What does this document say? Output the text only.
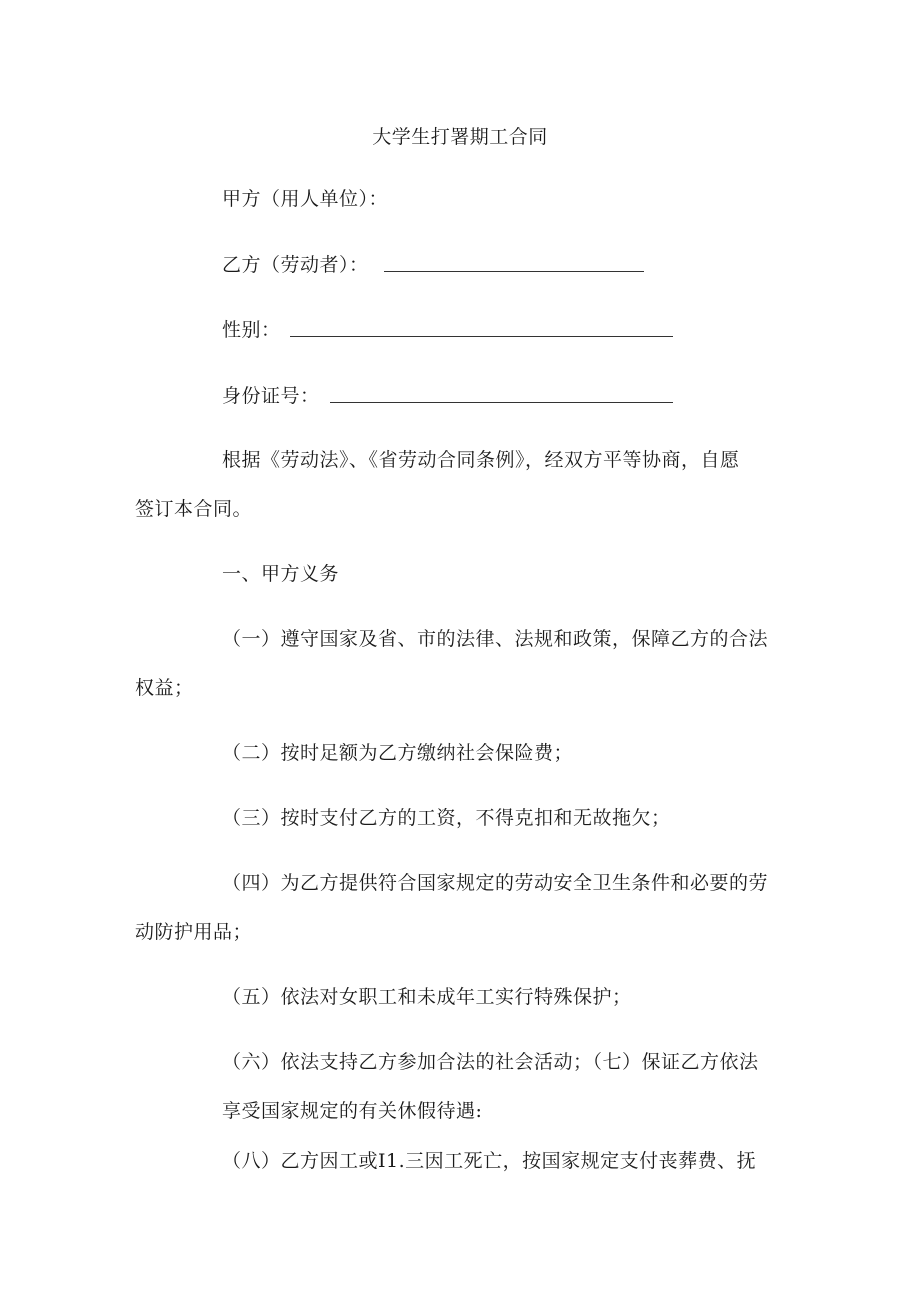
大学生打署期工合同
甲方（用人单位）：
乙方（劳动者）：
性别：
身份证号：
根据《劳动法》、《省劳动合同条例》，经双方平等协商，自愿
签订本合同。
一、甲方义务
（一）遵守国家及省、市的法律、法规和政策，保障乙方的合法
权益；
（二）按时足额为乙方缴纳社会保险费；
（三）按时支付乙方的工资，不得克扣和无故拖欠；
（四）为乙方提供符合国家规定的劳动安全卫生条件和必要的劳
动防护用品；
（五）依法对女职工和未成年工实行特殊保护；
（六）依法支持乙方参加合法的社会活动；（七）保证乙方依法
享受国家规定的有关休假待遇:
（八）乙方因工或I1.三因工死亡，按国家规定支付丧葬费、抚
